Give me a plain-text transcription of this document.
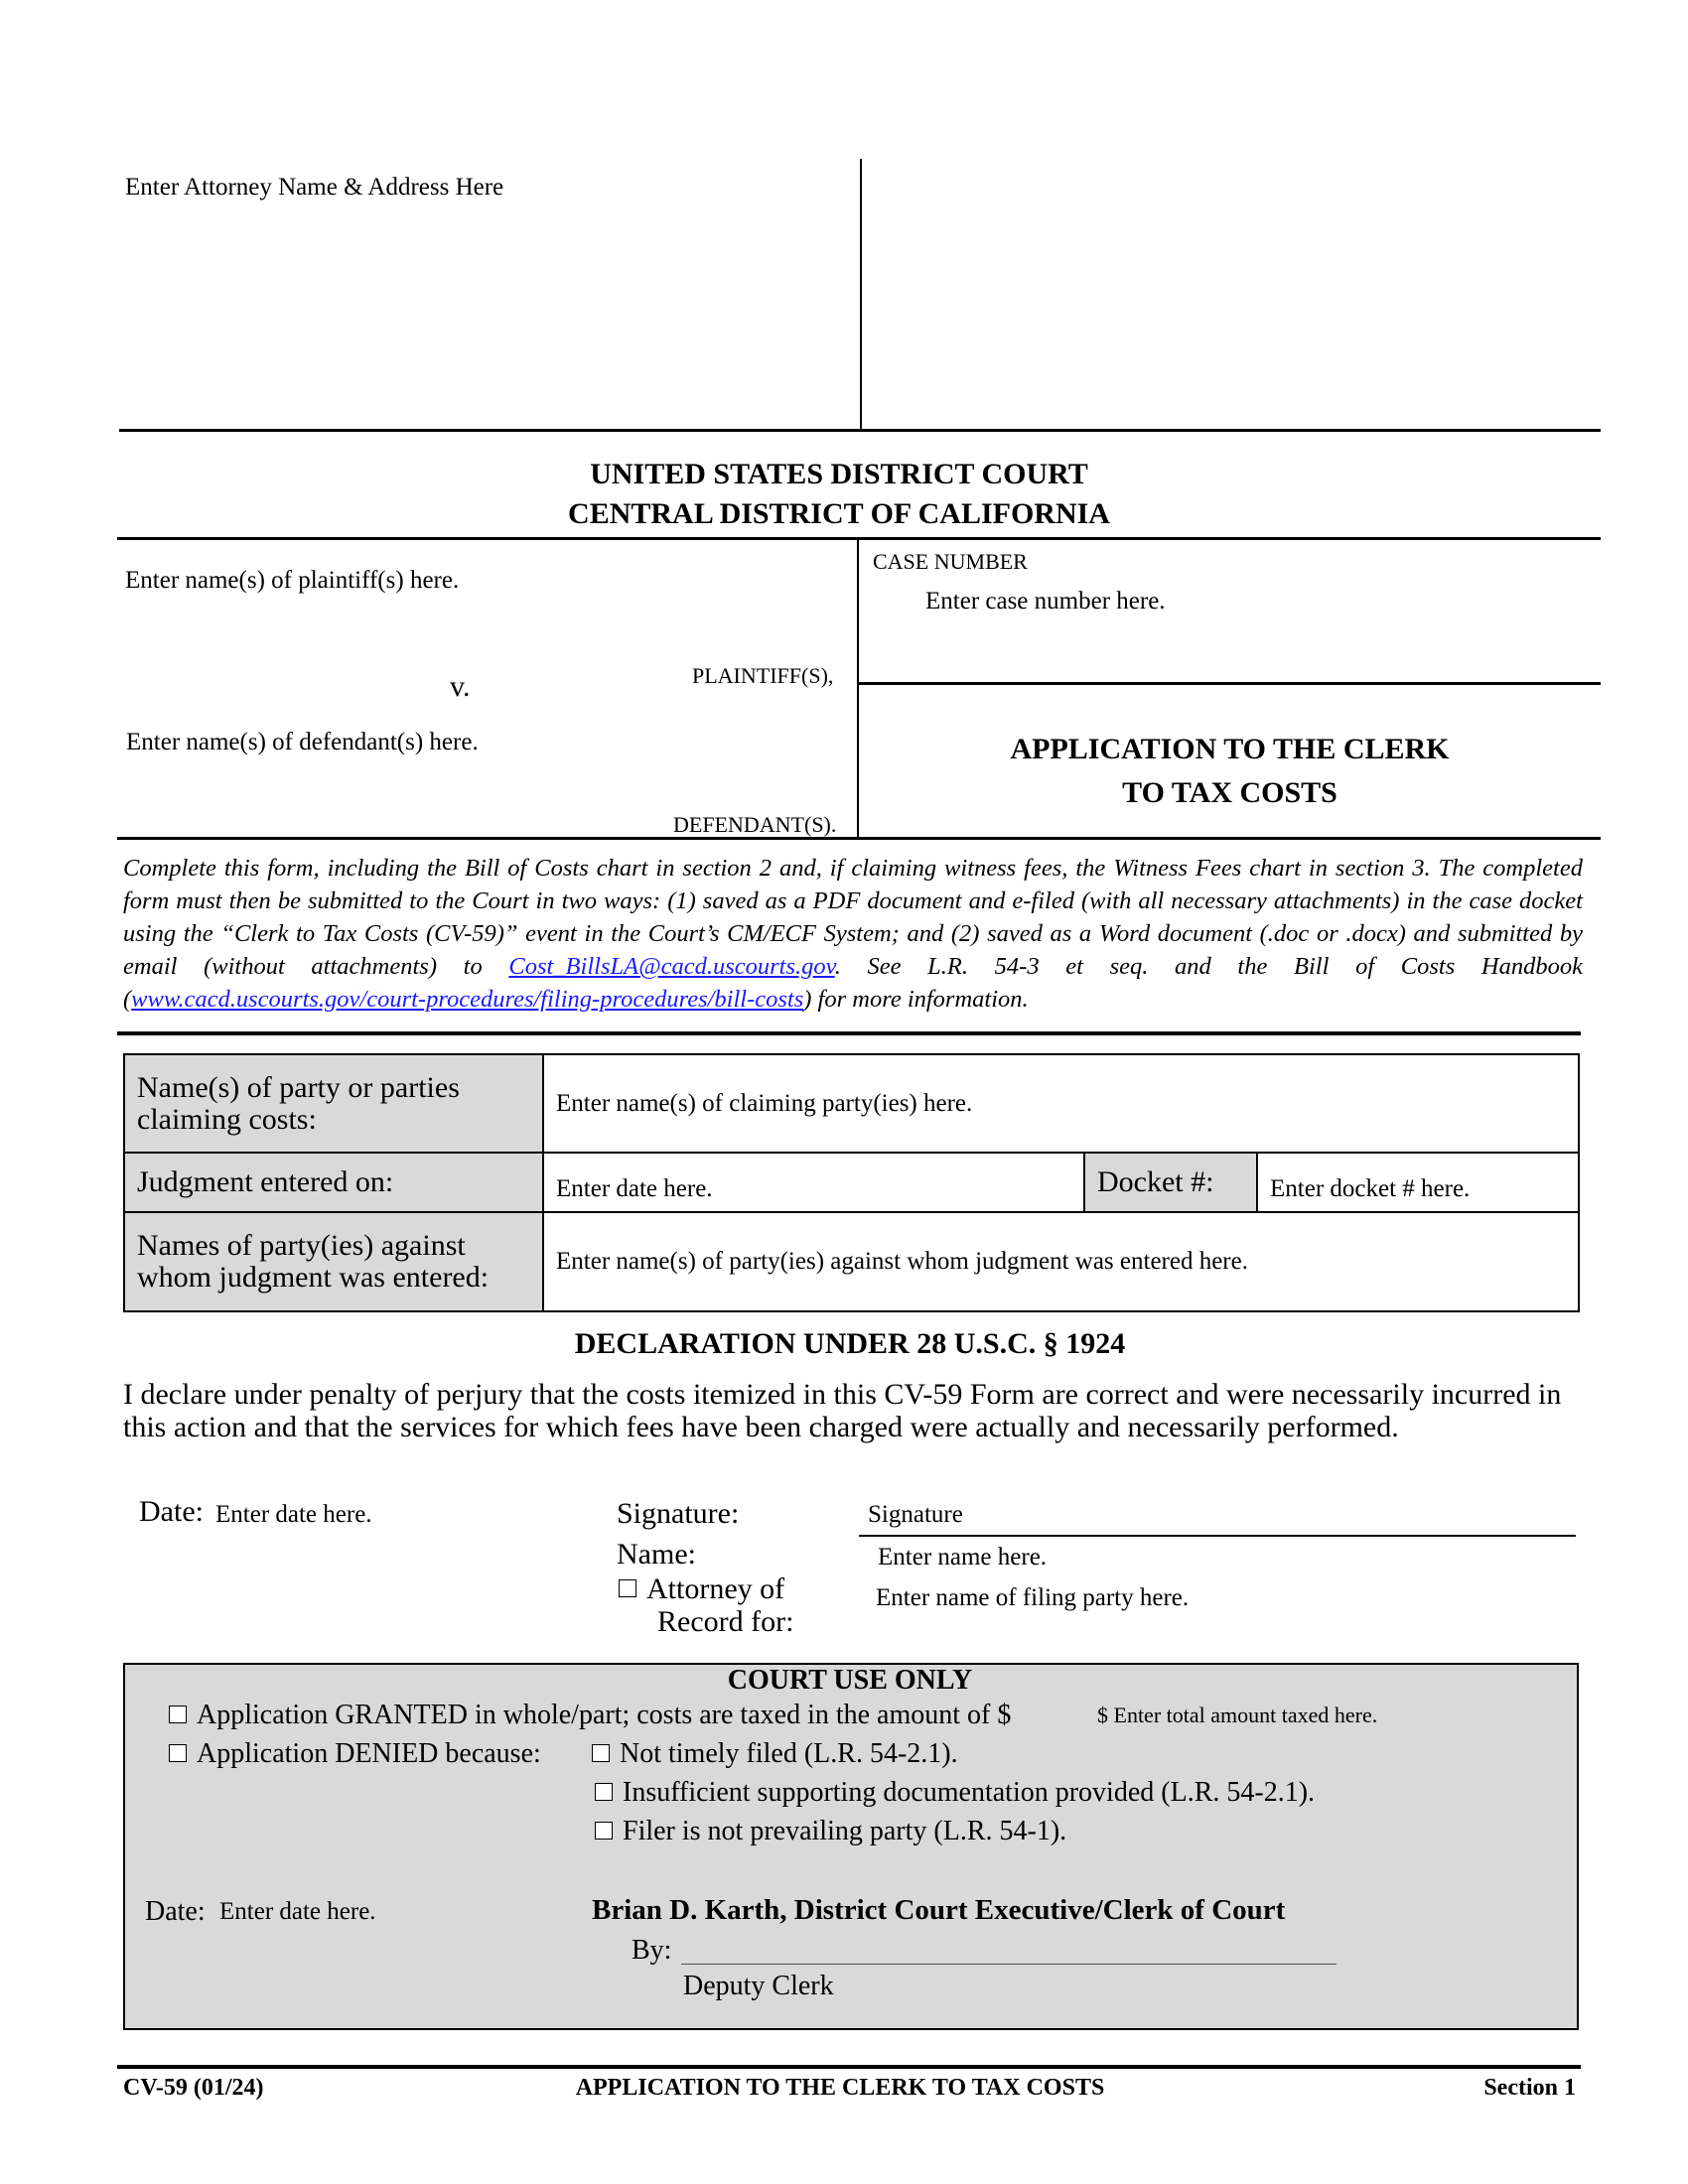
Enter Attorney Name & Address Here
UNITED STATES DISTRICT COURT
CENTRAL DISTRICT OF CALIFORNIA
Enter name(s) of plaintiff(s) here.
v.	PLAINTIFF(S),
Enter name(s) of defendant(s) here.
DEFENDANT(S).
CASE NUMBER
Enter case number here.
APPLICATION TO THE CLERK
TO TAX COSTS
Complete this form, including the Bill of Costs chart in section 2 and, if claiming witness fees, the Witness Fees chart in section 3. The completed form must then be submitted to the Court in two ways: (1) saved as a PDF document and e-filed (with all necessary attachments) in the case docket using the “Clerk to Tax Costs (CV-59)” event in the Court’s CM/ECF System; and (2) saved as a Word document (.doc or .docx) and submitted by email (without attachments) to Cost_BillsLA@cacd.uscourts.gov. See L.R. 54-3 et seq. and the Bill of Costs Handbook (www.cacd.uscourts.gov/court-procedures/filing-procedures/bill-costs) for more information.
Name(s) of party or parties claiming costs:	Enter name(s) of claiming party(ies) here.		
Judgment entered on:	Enter date here.	Docket #:	Enter docket # here.
Names of party(ies) against whom judgment was entered:	Enter name(s) of party(ies) against whom judgment was entered here.		
DECLARATION UNDER 28 U.S.C. § 1924
I declare under penalty of perjury that the costs itemized in this CV-59 Form are correct and were necessarily incurred in this action and that the services for which fees have been charged were actually and necessarily performed.
Date: Enter date here.	Signature:	Signature
Name:	Enter name here.
Attorney of
Record for:
Enter name of filing party here.
COURT USE ONLY
Application GRANTED in whole/part; costs are taxed in the amount of $	$ Enter total amount taxed here.
Application DENIED because:	Not timely filed (L.R. 54-2.1).
Insufficient supporting documentation provided (L.R. 54-2.1).
Filer is not prevailing party (L.R. 54-1).
Date: Enter date here.	Brian D. Karth, District Court Executive/Clerk of Court
By:
Deputy Clerk
CV-59 (01/24)	APPLICATION TO THE CLERK TO TAX COSTS	Section 1
